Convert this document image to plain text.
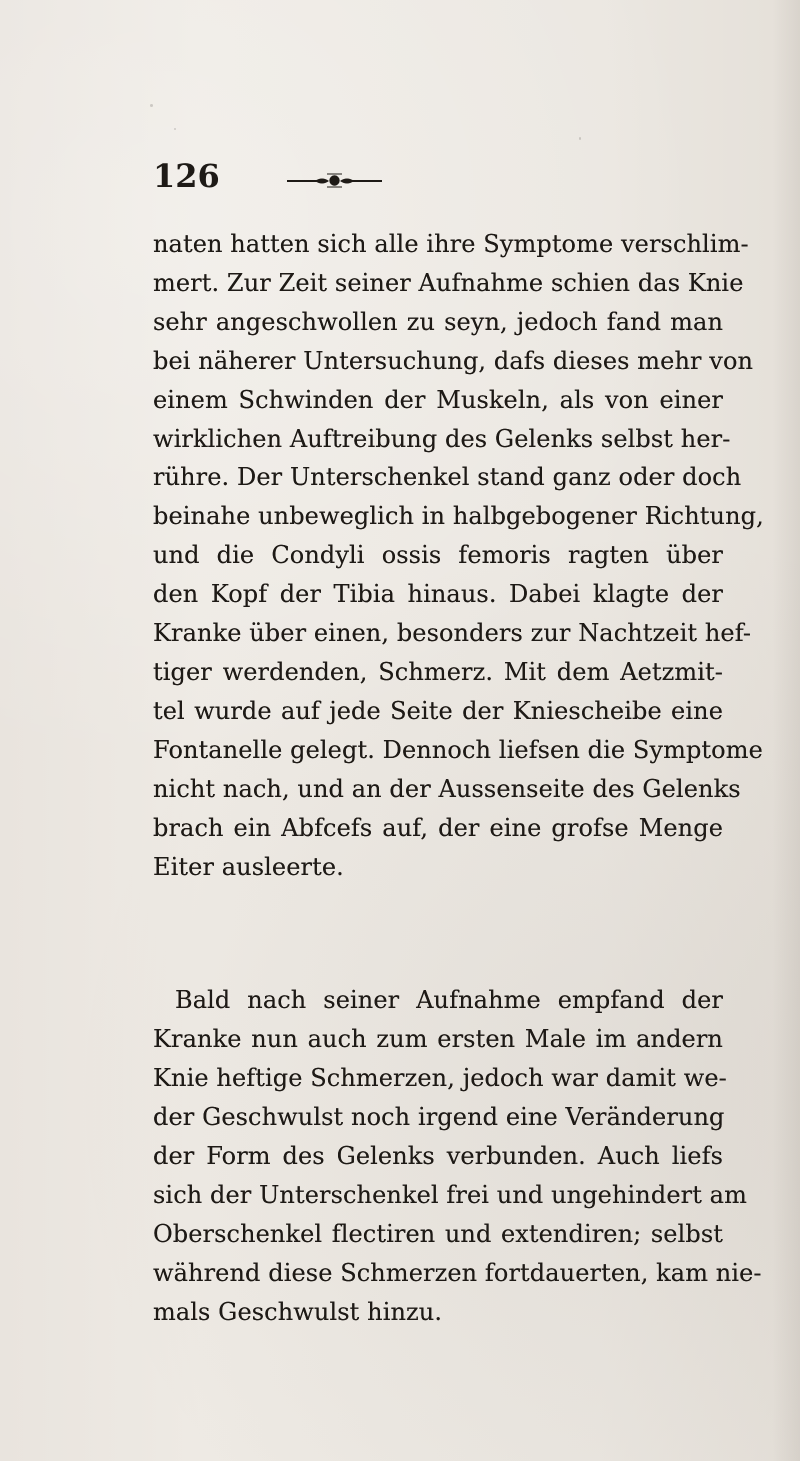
126
naten hatten sich alle ihre Symptome verschlim-
mert. Zur Zeit seiner Aufnahme schien das Knie
sehr angeschwollen zu seyn, jedoch fand man
bei näherer Untersuchung, dafs dieses mehr von
einem Schwinden der Muskeln, als von einer
wirklichen Auftreibung des Gelenks selbst her-
rühre. Der Unterschenkel stand ganz oder doch
beinahe unbeweglich in halbgebogener Richtung,
und die Condyli ossis femoris ragten über
den Kopf der Tibia hinaus. Dabei klagte der
Kranke über einen, besonders zur Nachtzeit hef-
tiger werdenden, Schmerz. Mit dem Aetzmit-
tel wurde auf jede Seite der Kniescheibe eine
Fontanelle gelegt. Dennoch liefsen die Symptome
nicht nach, und an der Aussenseite des Gelenks
brach ein Abfcefs auf, der eine grofse Menge
Eiter ausleerte.
Bald nach seiner Aufnahme empfand der
Kranke nun auch zum ersten Male im andern
Knie heftige Schmerzen, jedoch war damit we-
der Geschwulst noch irgend eine Veränderung
der Form des Gelenks verbunden. Auch liefs
sich der Unterschenkel frei und ungehindert am
Oberschenkel flectiren und extendiren; selbst
während diese Schmerzen fortdauerten, kam nie-
mals Geschwulst hinzu.
